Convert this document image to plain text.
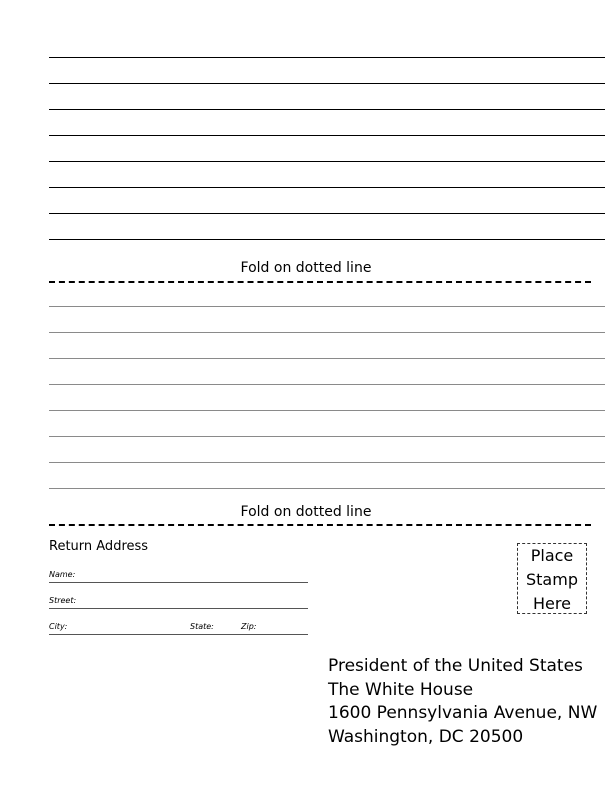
Fold on dotted line
Fold on dotted line
Return Address
Name:
Street:
City:	State:	Zip:
Place
Stamp
Here
President of the United States
The White House
1600 Pennsylvania Avenue, NW
Washington, DC 20500
